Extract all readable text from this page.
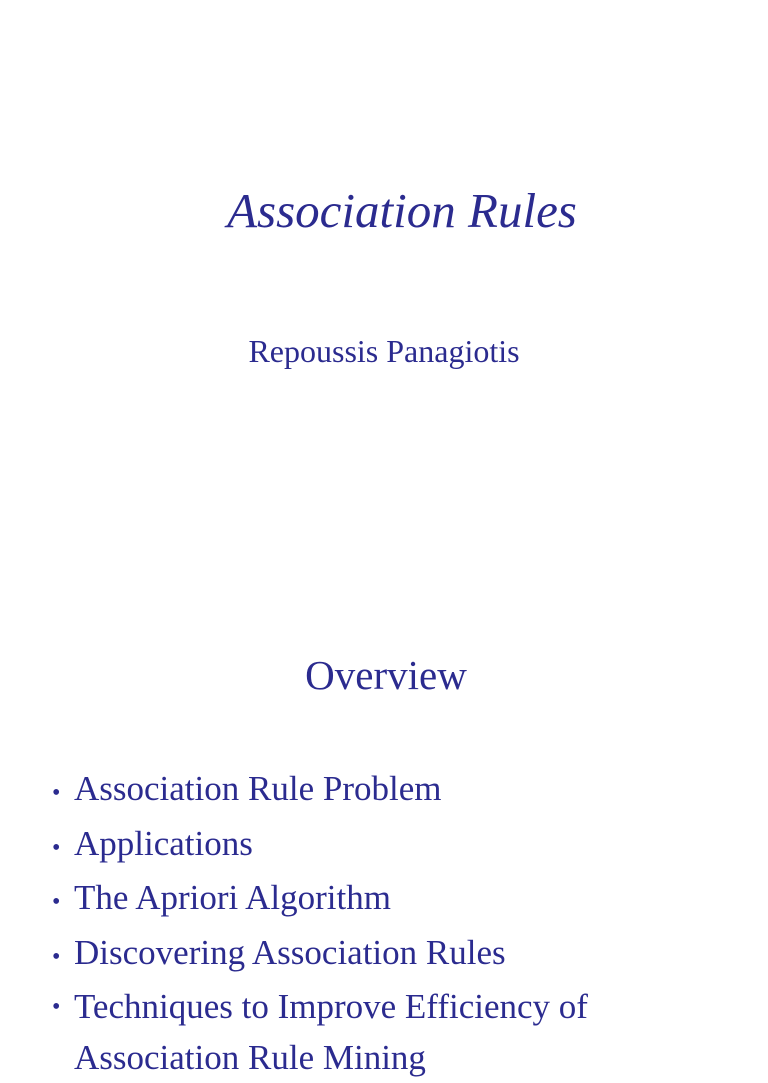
Association Rules
Repoussis Panagiotis
Overview
• Association Rule Problem
• Applications
• The Apriori Algorithm
• Discovering Association Rules
• Techniques to Improve Efficiency of Association Rule Mining
